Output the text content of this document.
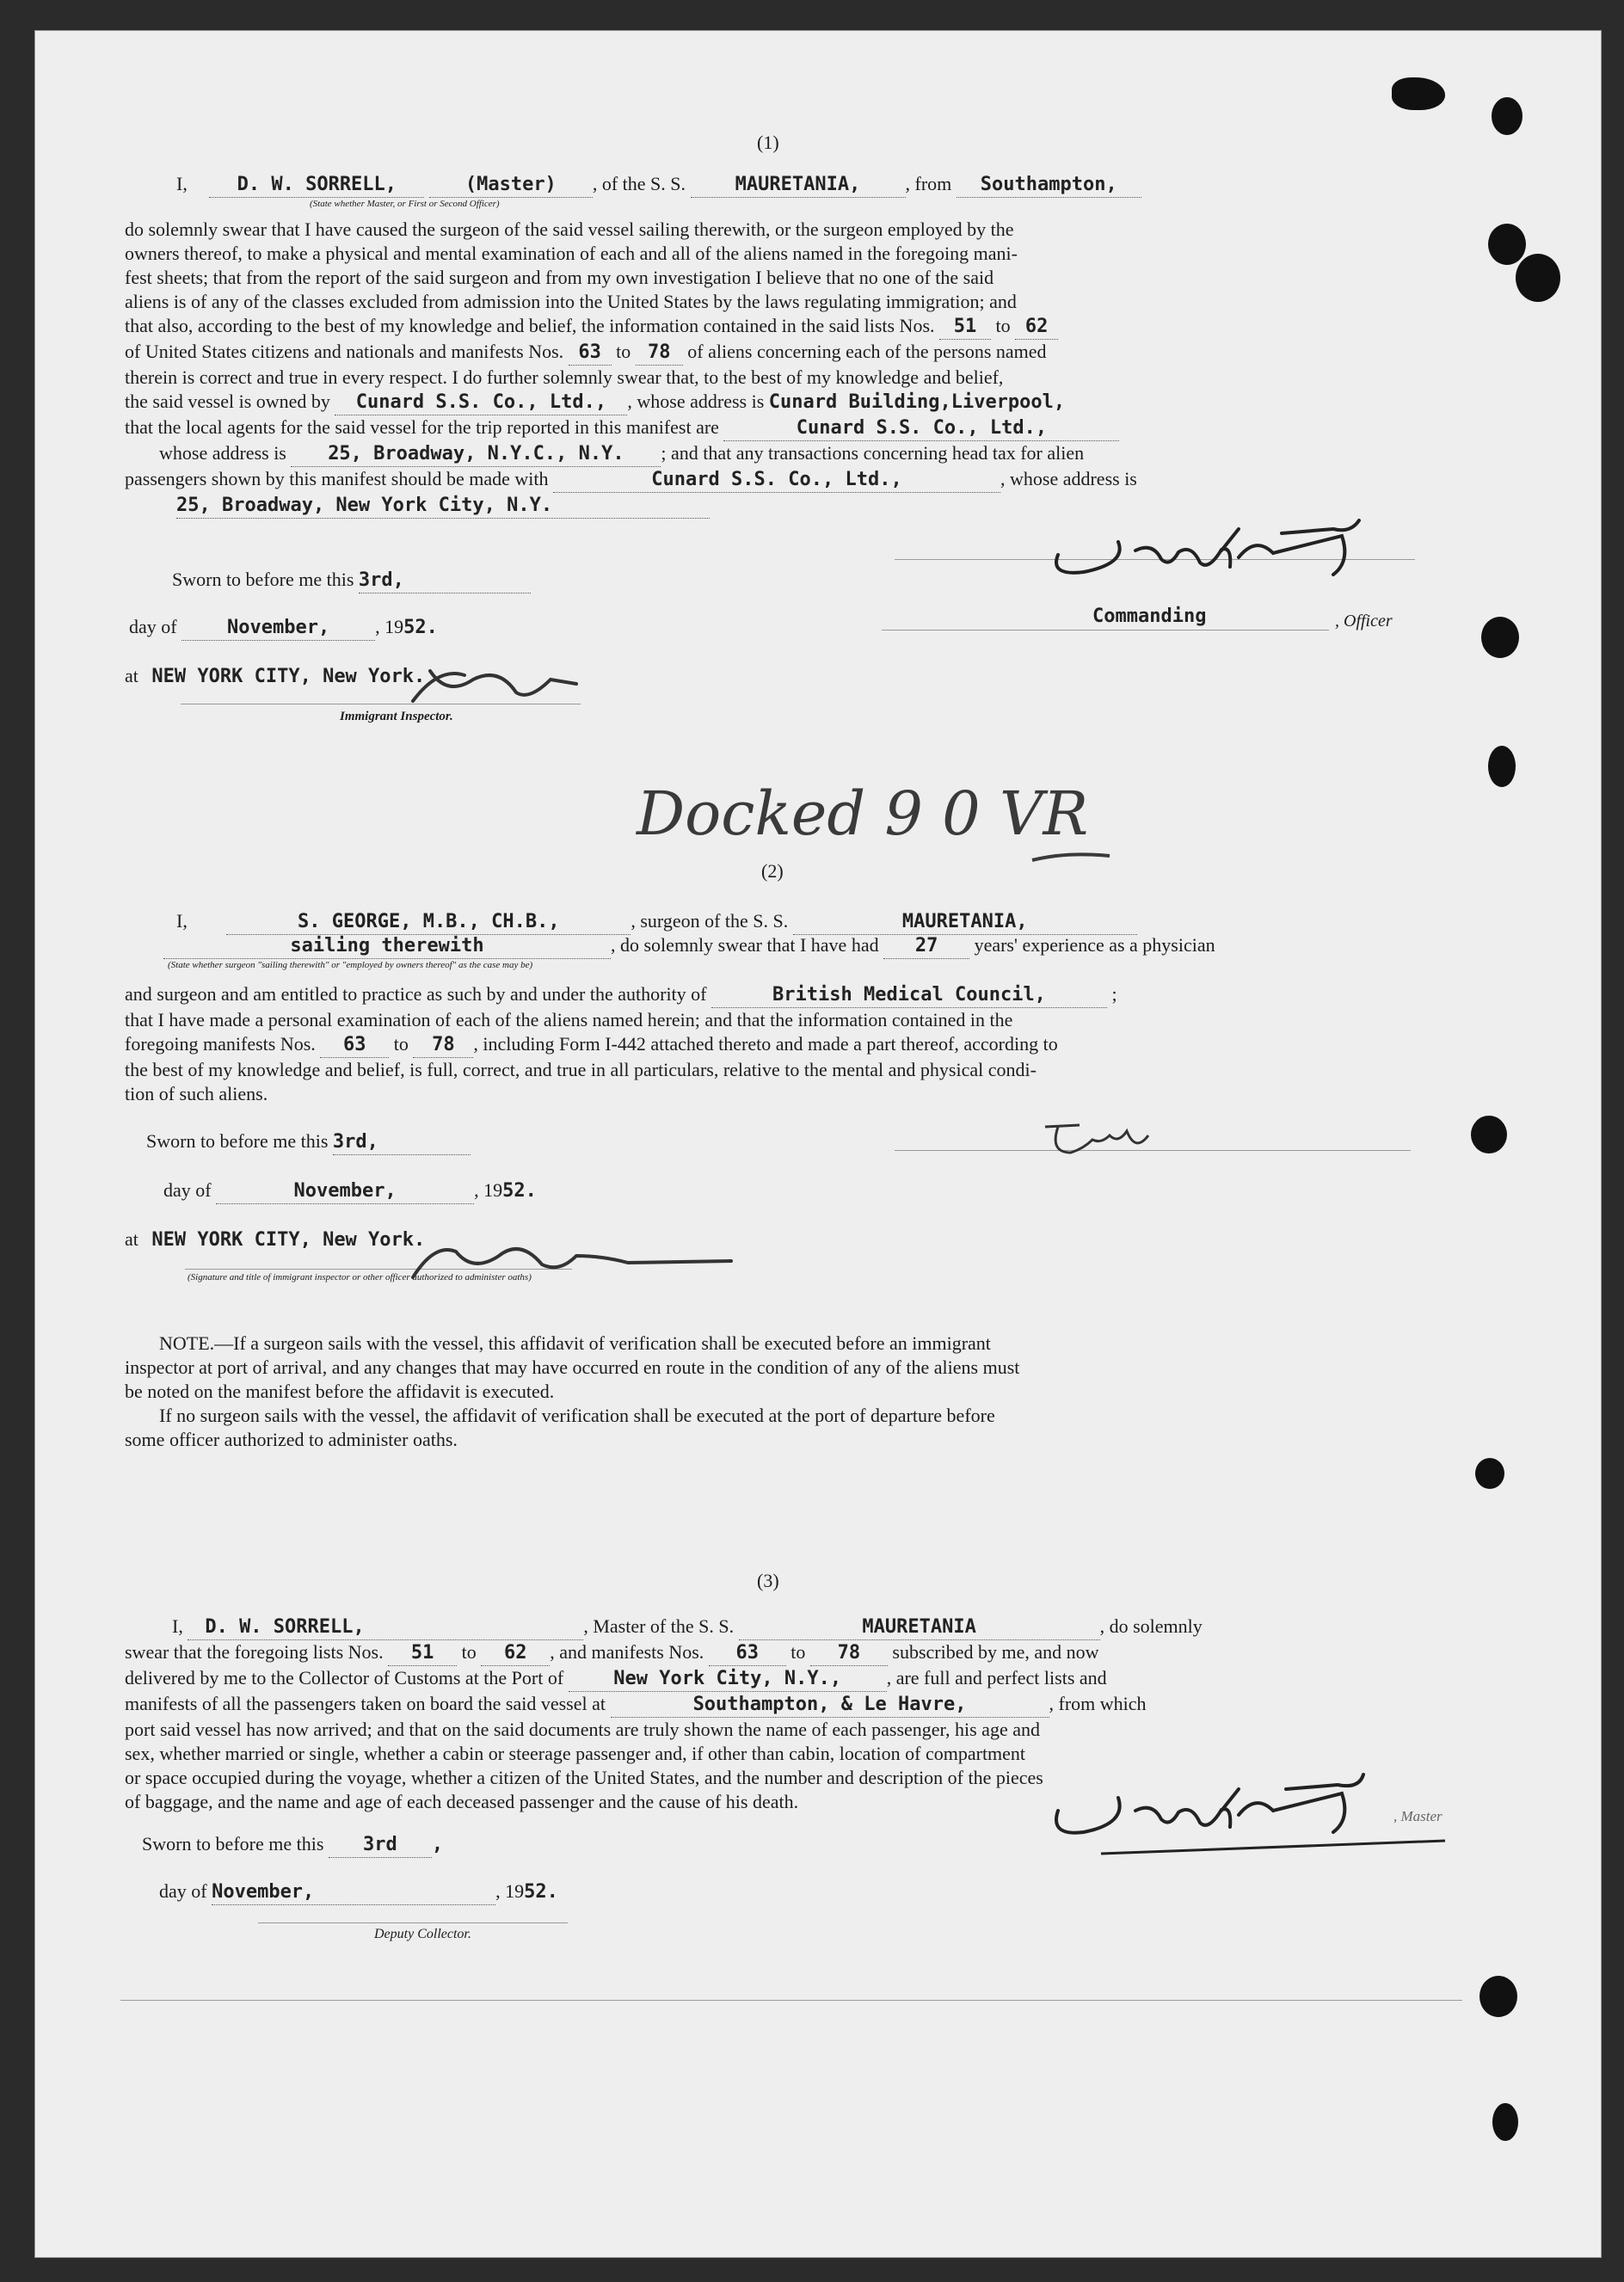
(1)
I,	D. W. SORRELL,	(Master) , of the S. S.	MAURETANIA, , from Southampton,
(State whether Master, or First or Second Officer)
do solemnly swear that I have caused the surgeon of the said vessel sailing therewith, or the surgeon employed by the
owners thereof, to make a physical and mental examination of each and all of the aliens named in the foregoing mani-
fest sheets; that from the report of the said surgeon and from my own investigation I believe that no one of the said
aliens is of any of the classes excluded from admission into the United States by the laws regulating immigration; and
that also, according to the best of my knowledge and belief, the information contained in the said lists Nos. 51 to 62
of United States citizens and nationals and manifests Nos. 63 to 78 of aliens concerning each of the persons named
therein is correct and true in every respect. I do further solemnly swear that, to the best of my knowledge and belief,
the said vessel is owned by Cunard S.S. Co., Ltd., , whose address is Cunard Building,Liverpool,
that the local agents for the said vessel for the trip reported in this manifest are	Cunard S.S. Co., Ltd.,
whose address is 25, Broadway, N.Y.C., N.Y. ; and that any transactions concerning head tax for alien
passengers shown by this manifest should be made with	Cunard S.S. Co., Ltd.,	, whose address is
25, Broadway, New York City, N.Y.
Sworn to before me this 3rd,
day of	November, , 1952.
at NEW YORK CITY, New York.
Immigrant Inspector.
Commanding	, Officer
Docked 9 0 VR
(2)
I,	S. GEORGE, M.B., CH.B.,	, surgeon of the S. S.	MAURETANIA,
sailing therewith	, do solemnly swear that I have had 27 years' experience as a physician
(State whether surgeon "sailing therewith" or "employed by owners thereof" as the case may be)
and surgeon and am entitled to practice as such by and under the authority of	British Medical Council,	;
that I have made a personal examination of each of the aliens named herein; and that the information contained in the
foregoing manifests Nos. 63 to 78 , including Form I-442 attached thereto and made a part thereof, according to
the best of my knowledge and belief, is full, correct, and true in all particulars, relative to the mental and physical condi-
tion of such aliens.
Sworn to before me this 3rd,
day of	November,	, 1952.
at NEW YORK CITY, New York.
(Signature and title of immigrant inspector or other officer authorized to administer oaths)
NOTE.—If a surgeon sails with the vessel, this affidavit of verification shall be executed before an immigrant
inspector at port of arrival, and any changes that may have occurred en route in the condition of any of the aliens must
be noted on the manifest before the affidavit is executed.
If no surgeon sails with the vessel, the affidavit of verification shall be executed at the port of departure before
some officer authorized to administer oaths.
(3)
I, D. W. SORRELL,	, Master of the S. S.	MAURETANIA	, do solemnly
swear that the foregoing lists Nos. 51 to 62 , and manifests Nos. 63 to 78 subscribed by me, and now
delivered by me to the Collector of Customs at the Port of	New York City, N.Y., , are full and perfect lists and
manifests of all the passengers taken on board the said vessel at	Southampton, & Le Havre,	, from which
port said vessel has now arrived; and that on the said documents are truly shown the name of each passenger, his age and
sex, whether married or single, whether a cabin or steerage passenger and, if other than cabin, location of compartment
or space occupied during the voyage, whether a citizen of the United States, and the number and description of the pieces
of baggage, and the name and age of each deceased passenger and the cause of his death.
, Master
Sworn to before me this 3rd ,
day of November,	, 1952.
Deputy Collector.
